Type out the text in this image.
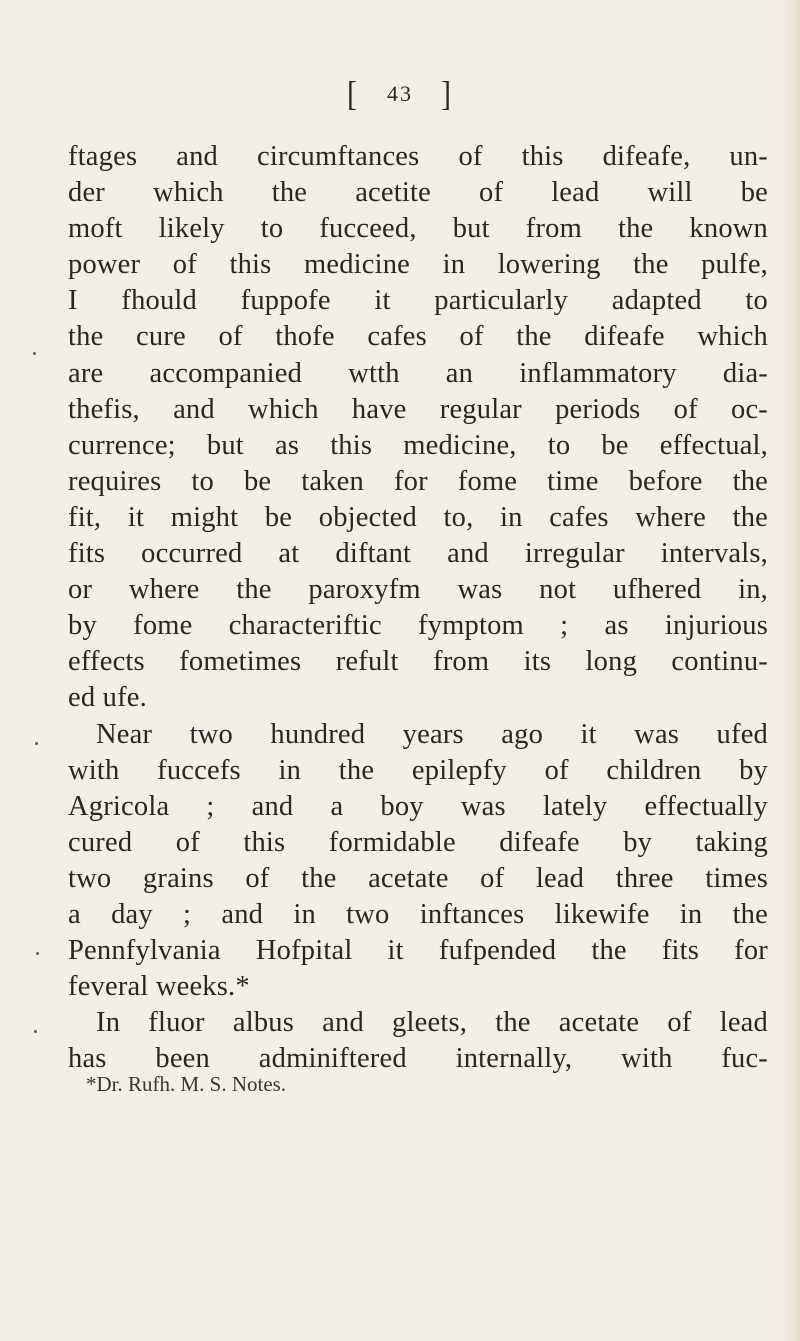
[ 43 ]
ftages and circumftances of this difeafe, un-
der which the acetite of lead will be
moft likely to fucceed, but from the known
power of this medicine in lowering the pulfe,
I fhould fuppofe it particularly adapted to
the cure of thofe cafes of the difeafe which
are accompanied wtth an inflammatory dia-
thefis, and which have regular periods of oc-
currence; but as this medicine, to be effectual,
requires to be taken for fome time before the
fit, it might be objected to, in cafes where the
fits occurred at diftant and irregular intervals,
or where the paroxyfm was not ufhered in,
by fome characteriftic fymptom ; as injurious
effects fometimes refult from its long continu-
ed ufe.
Near two hundred years ago it was ufed
with fuccefs in the epilepfy of children by
Agricola ; and a boy was lately effectually
cured of this formidable difeafe by taking
two grains of the acetate of lead three times
a day ; and in two inftances likewife in the
Pennfylvania Hofpital it fufpended the fits for
feveral weeks.*
In fluor albus and gleets, the acetate of lead
has been adminiftered internally, with fuc-
*Dr. Rufh. M. S. Notes.
